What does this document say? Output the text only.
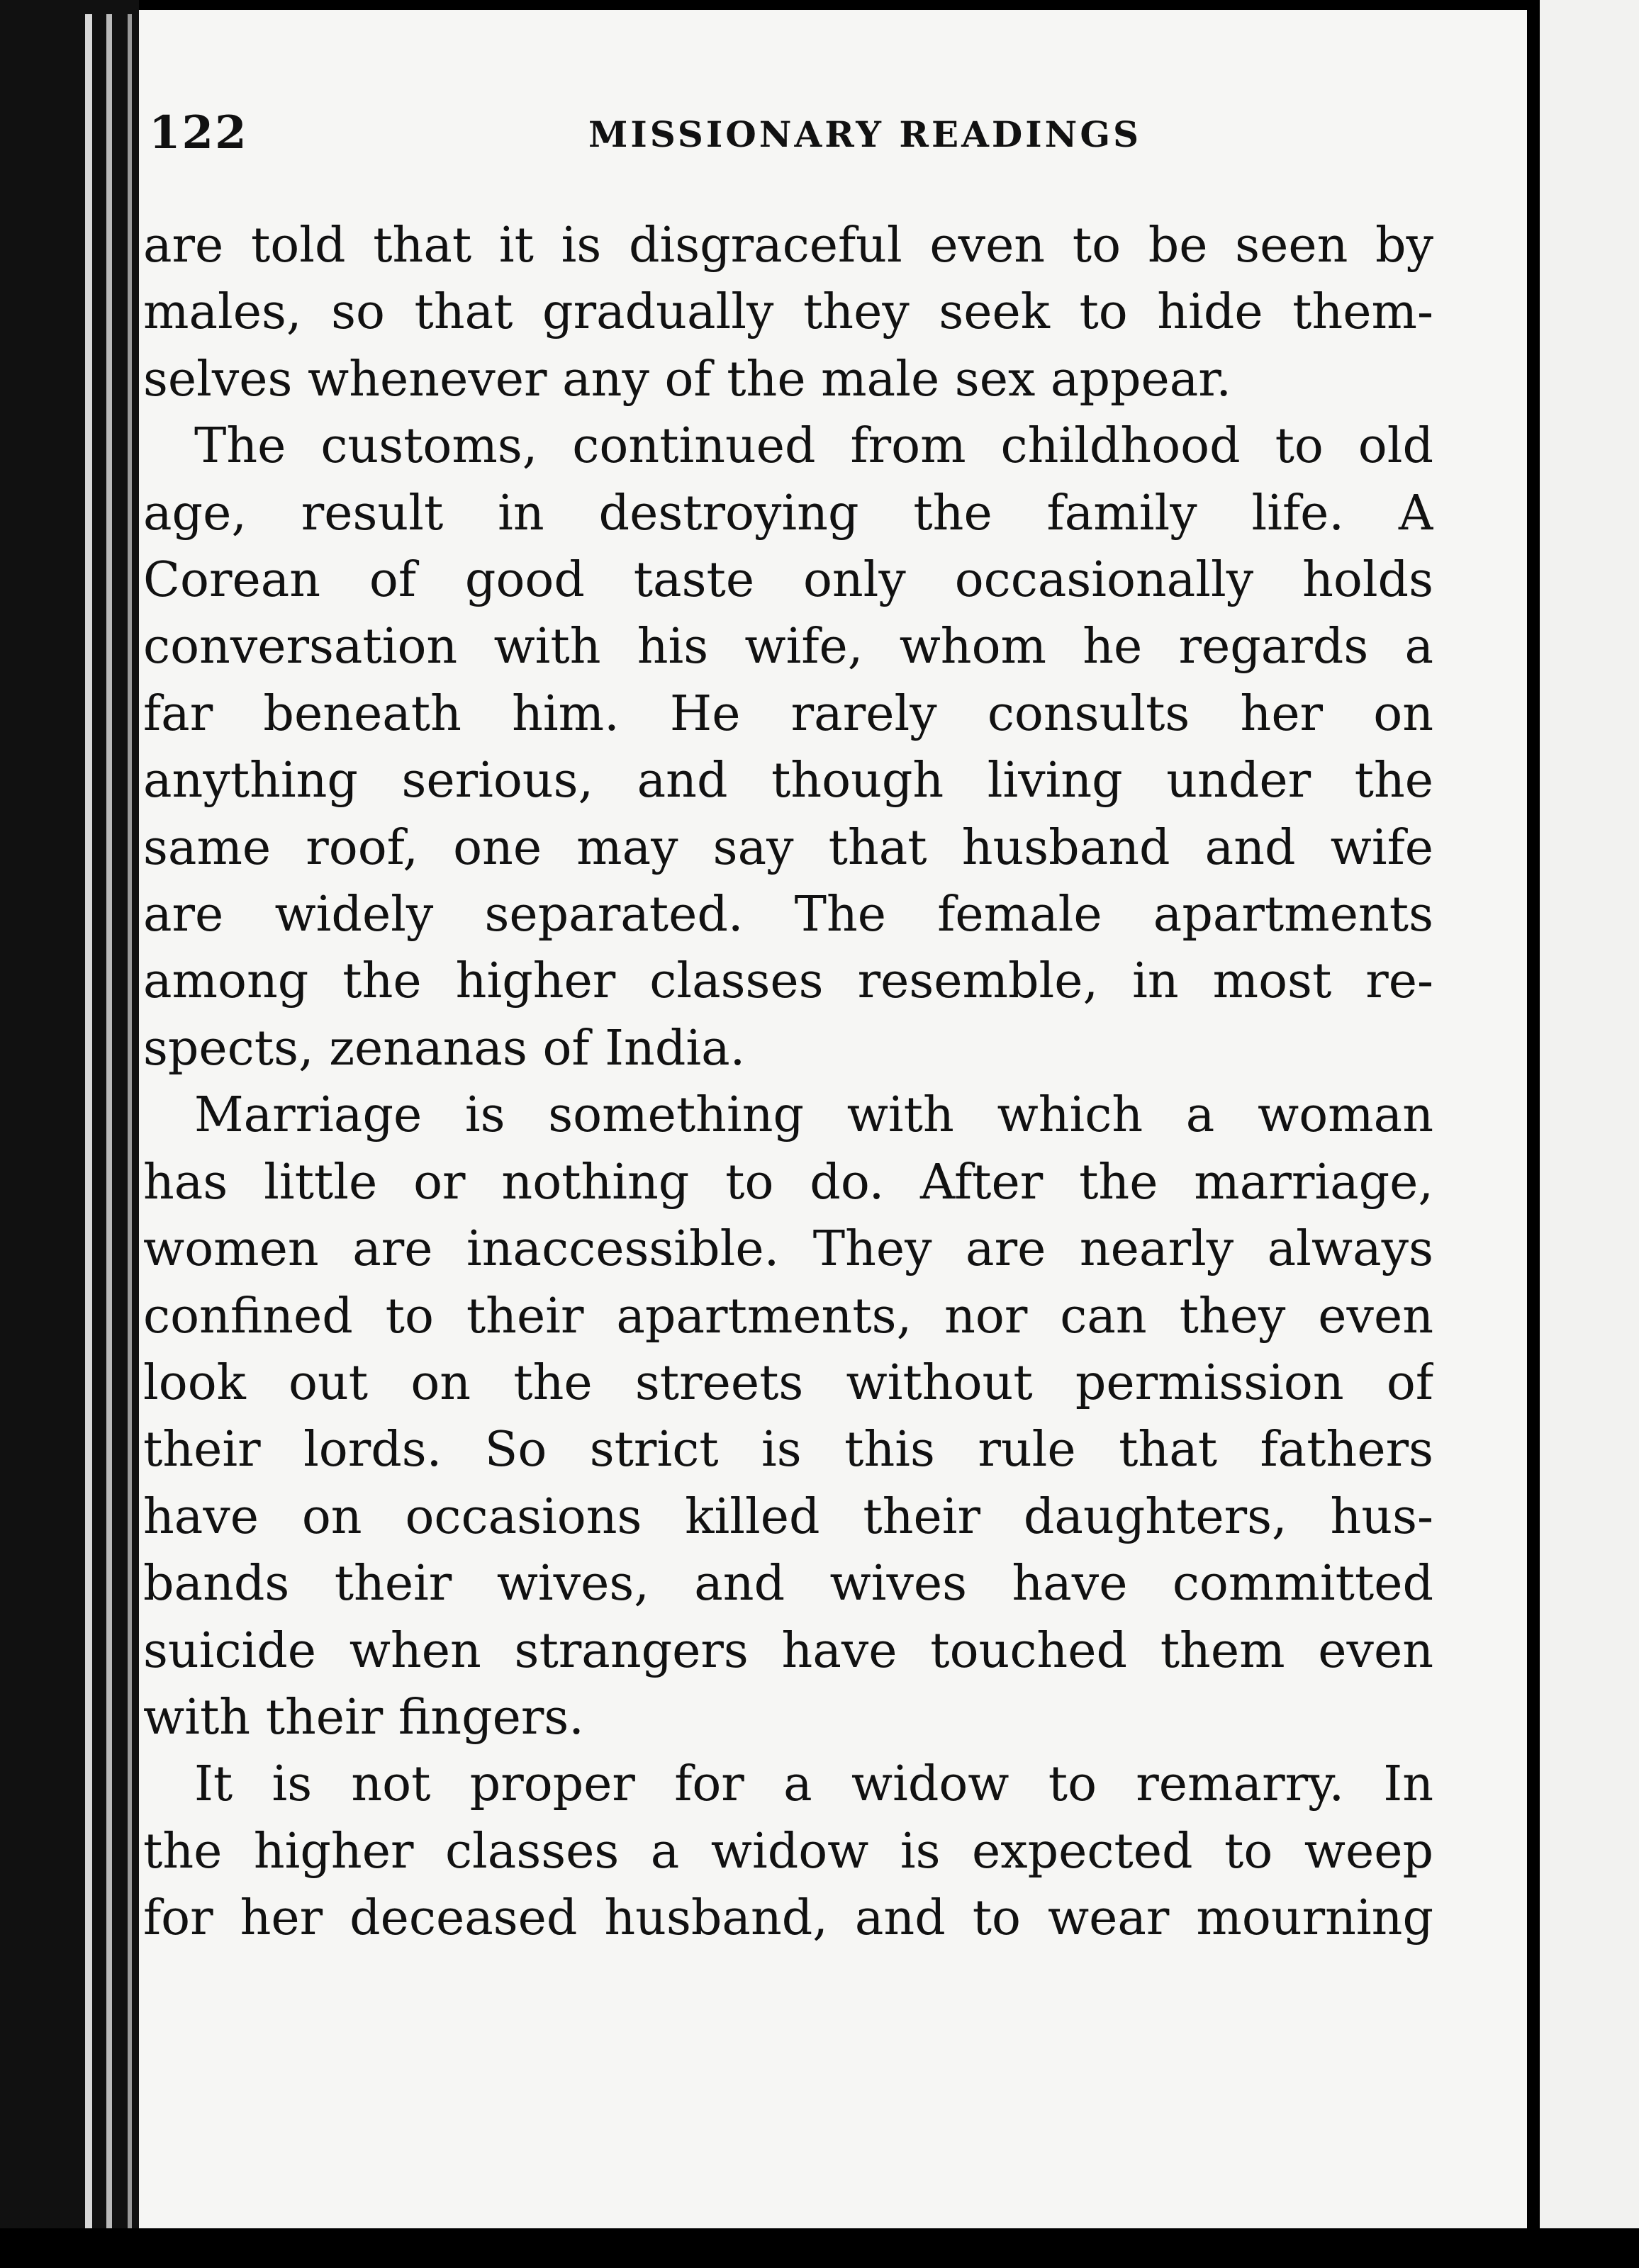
122	MISSIONARY READINGS
are told that it is disgraceful even to be seen by
males, so that gradually they seek to hide them-
selves whenever any of the male sex appear.
The customs, continued from childhood to old
age, result in destroying the family life. A
Corean of good taste only occasionally holds
conversation with his wife, whom he regards a
far beneath him. He rarely consults her on
anything serious, and though living under the
same roof, one may say that husband and wife
are widely separated. The female apartments
among the higher classes resemble, in most re-
spects, zenanas of India.
Marriage is something with which a woman
has little or nothing to do. After the marriage,
women are inaccessible. They are nearly always
confined to their apartments, nor can they even
look out on the streets without permission of
their lords. So strict is this rule that fathers
have on occasions killed their daughters, hus-
bands their wives, and wives have committed
suicide when strangers have touched them even
with their fingers.
It is not proper for a widow to remarry. In
the higher classes a widow is expected to weep
for her deceased husband, and to wear mourning
